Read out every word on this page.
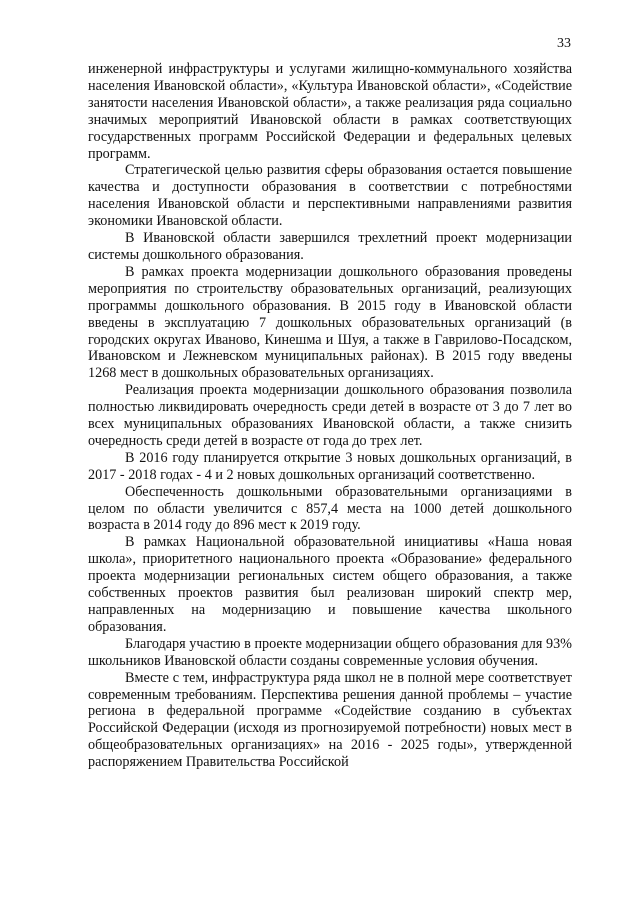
33

инженерной инфраструктуры и услугами жилищно-коммунального хозяйства населения Ивановской области», «Культура Ивановской области», «Содействие занятости населения Ивановской области», а также реализация ряда социально значимых мероприятий Ивановской области в рамках соответствующих государственных программ Российской Федерации и федеральных целевых программ.

Стратегической целью развития сферы образования остается повышение качества и доступности образования в соответствии с потребностями населения Ивановской области и перспективными направлениями развития экономики Ивановской области.

В Ивановской области завершился трехлетний проект модернизации системы дошкольного образования.

В рамках проекта модернизации дошкольного образования проведены мероприятия по строительству образовательных организаций, реализующих программы дошкольного образования. В 2015 году в Ивановской области введены в эксплуатацию 7 дошкольных образовательных организаций (в городских округах Иваново, Кинешма и Шуя, а также в Гаврилово-Посадском, Ивановском и Лежневском муниципальных районах). В 2015 году введены 1268 мест в дошкольных образовательных организациях.

Реализация проекта модернизации дошкольного образования позволила полностью ликвидировать очередность среди детей в возрасте от 3 до 7 лет во всех муниципальных образованиях Ивановской области, а также снизить очередность среди детей в возрасте от года до трех лет.

В 2016 году планируется открытие 3 новых дошкольных организаций, в 2017 - 2018 годах - 4 и 2 новых дошкольных организаций соответственно.

Обеспеченность дошкольными образовательными организациями в целом по области увеличится с 857,4 места на 1000 детей дошкольного возраста в 2014 году до 896 мест к 2019 году.

В рамках Национальной образовательной инициативы «Наша новая школа», приоритетного национального проекта «Образование» федерального проекта модернизации региональных систем общего образования, а также собственных проектов развития был реализован широкий спектр мер, направленных на модернизацию и повышение качества школьного образования.

Благодаря участию в проекте модернизации общего образования для 93% школьников Ивановской области созданы современные условия обучения.

Вместе с тем, инфраструктура ряда школ не в полной мере соответствует современным требованиям. Перспектива решения данной проблемы – участие региона в федеральной программе «Содействие созданию в субъектах Российской Федерации (исходя из прогнозируемой потребности) новых мест в общеобразовательных организациях» на 2016 - 2025 годы», утвержденной распоряжением Правительства Российской
